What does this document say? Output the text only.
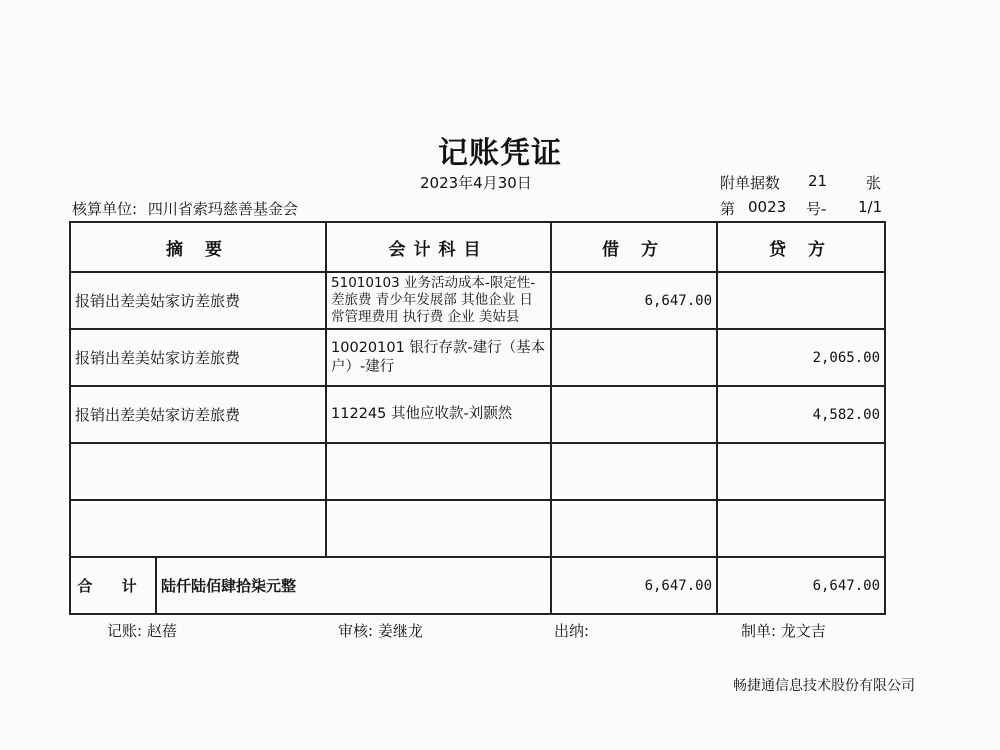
记账凭证
2023年4月30日	附单据数 21	张
核算单位: 四川省索玛慈善基金会	第 0023 号- 1/1
摘 要		会计科目	借 方	贷 方
报销出差美姑家访差旅费		51010103 业务活动成本-限定性-差旅费 青少年发展部 其他企业 日常管理费用 执行费 企业 美姑县	6,647.00	
报销出差美姑家访差旅费		10020101 银行存款-建行（基本户）-建行		2,065.00
报销出差美姑家访差旅费		112245 其他应收款-刘颢然		4,582.00

合 计	陆仟陆佰肆拾柒元整		6,647.00	6,647.00
记账: 赵蓓	审核: 姜继龙	出纳:	制单: 龙文吉
畅捷通信息技术股份有限公司
